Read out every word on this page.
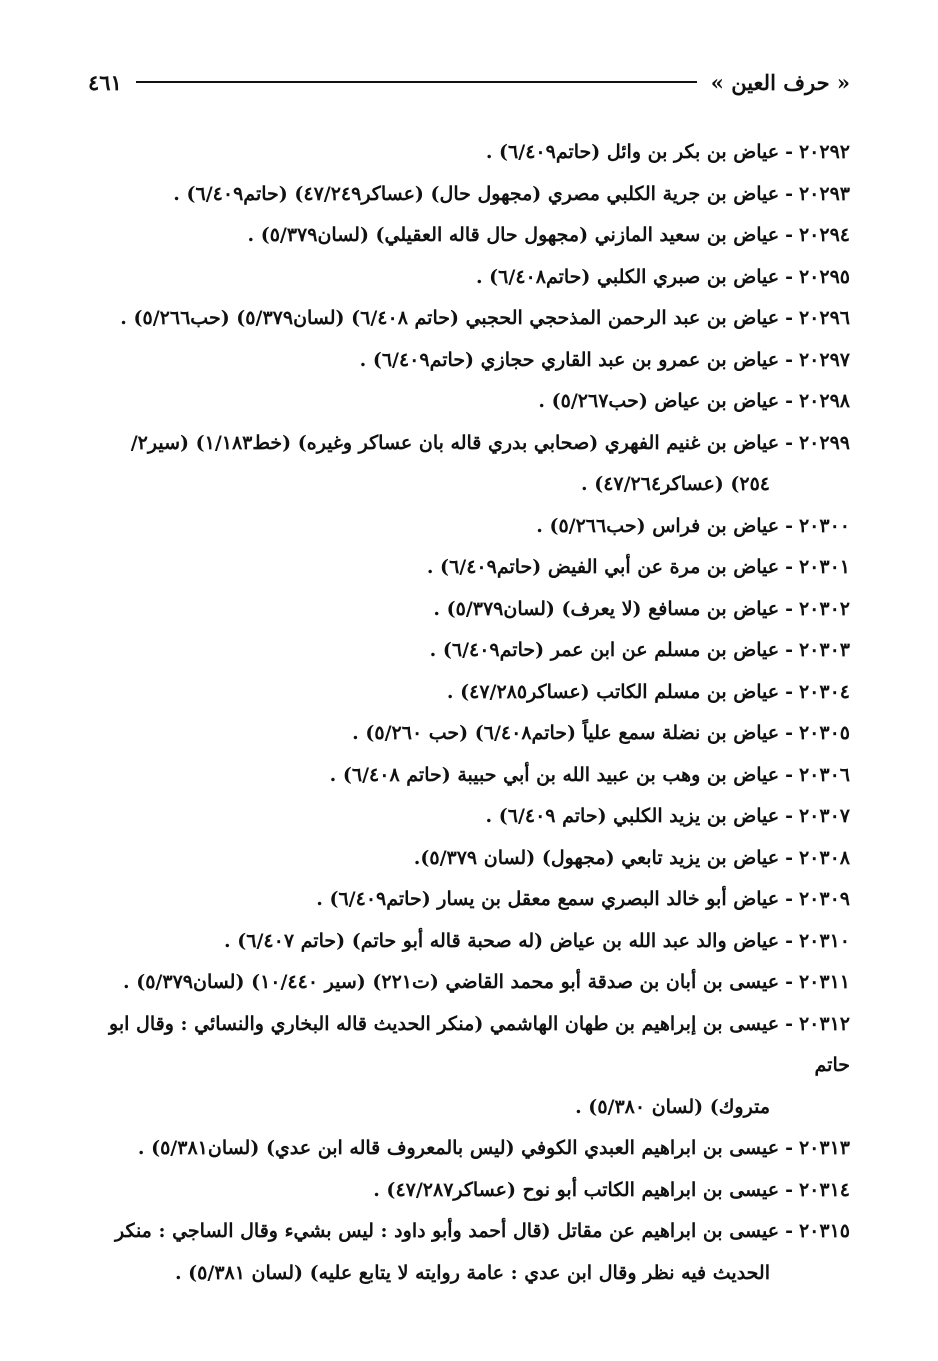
« حرف العين »
٤٦١
٢٠٢٩٢-عياض بن بكر بن وائل (حاتم٦/٤٠٩) .
٢٠٢٩٣-عياض بن جرية الكلبي مصري (مجهول حال) (عساكر٤٧/٢٤٩) (حاتم٦/٤٠٩) .
٢٠٢٩٤-عياض بن سعيد المازني (مجهول حال قاله العقيلي) (لسان٥/٣٧٩) .
٢٠٢٩٥-عياض بن صبري الكلبي (حاتم٦/٤٠٨) .
٢٠٢٩٦-عياض بن عبد الرحمن المذحجي الحجبي (حاتم ٦/٤٠٨) (لسان٥/٣٧٩) (حب٥/٢٦٦) .
٢٠٢٩٧-عياض بن عمرو بن عبد القاري حجازي (حاتم٦/٤٠٩) .
٢٠٢٩٨-عياض بن عياض (حب٥/٢٦٧) .
٢٠٢٩٩-عياض بن غنيم الفهري (صحابي بدري قاله بان عساكر وغيره) (خط١/١٨٣) (سير٢/
٢٥٤) (عساكر٤٧/٢٦٤) .
٢٠٣٠٠-عياض بن فراس (حب٥/٢٦٦) .
٢٠٣٠١-عياض بن مرة عن أبي الفيض (حاتم٦/٤٠٩) .
٢٠٣٠٢-عياض بن مسافع (لا يعرف) (لسان٥/٣٧٩) .
٢٠٣٠٣-عياض بن مسلم عن ابن عمر (حاتم٦/٤٠٩) .
٢٠٣٠٤-عياض بن مسلم الكاتب (عساكر٤٧/٢٨٥) .
٢٠٣٠٥-عياض بن نضلة سمع علياً (حاتم٦/٤٠٨) (حب ٥/٢٦٠) .
٢٠٣٠٦-عياض بن وهب بن عبيد الله بن أبي حبيبة (حاتم ٦/٤٠٨) .
٢٠٣٠٧-عياض بن يزيد الكلبي (حاتم ٦/٤٠٩) .
٢٠٣٠٨-عياض بن يزيد تابعي (مجهول) (لسان ٥/٣٧٩).
٢٠٣٠٩-عياض أبو خالد البصري سمع معقل بن يسار (حاتم٦/٤٠٩) .
٢٠٣١٠-عياض والد عبد الله بن عياض (له صحبة قاله أبو حاتم) (حاتم ٦/٤٠٧) .
٢٠٣١١-عيسى بن أبان بن صدقة أبو محمد القاضي (ت٢٢١) (سير ١٠/٤٤٠) (لسان٥/٣٧٩) .
٢٠٣١٢-عيسى بن إبراهيم بن طهان الهاشمي (منكر الحديث قاله البخاري والنسائي : وقال ابو حاتم
متروك) (لسان ٥/٣٨٠) .
٢٠٣١٣-عيسى بن ابراهيم العبدي الكوفي (ليس بالمعروف قاله ابن عدي) (لسان٥/٣٨١) .
٢٠٣١٤-عيسى بن ابراهيم الكاتب أبو نوح (عساكر٤٧/٢٨٧) .
٢٠٣١٥-عيسى بن ابراهيم عن مقاتل (قال أحمد وأبو داود : ليس بشيء وقال الساجي : منكر
الحديث فيه نظر وقال ابن عدي : عامة روايته لا يتابع عليه) (لسان ٥/٣٨١) .
